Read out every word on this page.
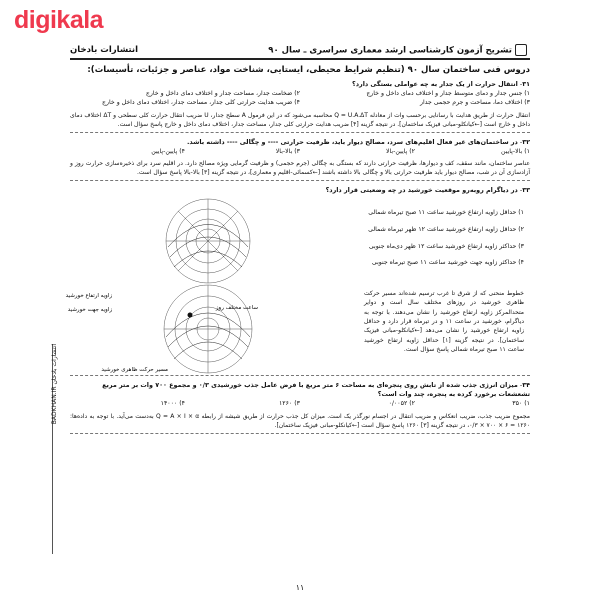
digikala
تشریح آزمون کارشناسی ارشد معماری سراسری ـ سال ۹۰
انتشارات بادخان
دروس فنی ساختمان سال ۹۰ (تنظیم شرایط محیطی، ایستایی، شناخت مواد، عناصر و جزئیات، تأسیسات):
۳۱- انتقال حرارت از یک جدار به چه عواملی بستگی دارد؟
۱) جنس جدار و دمای متوسط جدار و اختلاف دمای داخل و خارج
۲) ضخامت جدار، مساحت جدار و اختلاف دمای داخل و خارج
۳) اختلاف دما، مساحت و جرم حجمی جدار
۴) ضریب هدایت حرارتی کلی جدار، مساحت جدار، اختلاف دمای داخل و خارج
انتقال حرارت از طریق هدایت با رسانایی برحسب وات از معادله Q = U.A.ΔT محاسبه می‌شود که در این فرمول A سطح جدار، U ضریب انتقال حرارت کلی سطحی و ΔT اختلاف دمای داخل و خارج است [←کیانکلو-مبانی فیزیک ساختمان]. در نتیجه گزینه [۴] ضریب هدایت حرارتی کلی جدار، مساحت جدار، اختلاف دمای داخل و خارج پاسخ سؤال است.
۳۲- در ساختمان‌های غیر فعال اقلیم‌های سرد، مصالح دیوار باید، ظرفیت حرارتی ---- و چگالی ---- داشته باشد.
۱) بالا-پایین
۲) پایین-بالا
۳) بالا-بالا
۴) پایین-پایین
عناصر ساختمان، مانند سقف، کف و دیوارها، ظرفیت حرارتی دارند که بستگی به چگالی (جرم حجمی) و ظرفیت گرمایی ویژه مصالح دارد. در اقلیم سرد برای ذخیره‌سازی حرارت روز و آزادسازی آن در شب، مصالح دیوار باید ظرفیت حرارتی بالا و چگالی بالا داشته باشند [←کسمائی-اقلیم و معماری]، در نتیجه گزینه [۳] بالا-بالا پاسخ سؤال است.
۳۳- در دیاگرام روبه‌رو موقعیت خورشید در چه وضعیتی قرار دارد؟
۱) حداقل زاویه ارتفاع خورشید ساعت ۱۱ صبح تیرماه شمالی
۲) حداقل زاویه ارتفاع خورشید ساعت ۱۲ ظهر تیرماه شمالی
۳) حداکثر زاویه ارتفاع خورشید ساعت ۱۲ ظهر دی‌ماه جنوبی
۴) حداکثر زاویه جهت خورشید ساعت ۱۱ صبح تیرماه جنوبی
زاویه ارتفاع خورشید
زاویه جهت خورشید	ساعت مختلف روز
مسیر حرکت ظاهری خورشید
خطوط منحنی که از شرق تا غرب ترسیم شده‌اند مسیر حرکت ظاهری خورشید در روزهای مختلف سال است و دوایر متحدالمرکز زاویه ارتفاع خورشید را نشان می‌دهند. با توجه به دیاگرام، خورشید در ساعت ۱۱ و در تیرماه قرار دارد و حداقل زاویه ارتفاع خورشید را نشان می‌دهد [←کیانکلو-مبانی فیزیک ساختمان]. در نتیجه گزینه [۱] حداقل زاویه ارتفاع خورشید ساعت ۱۱ صبح تیرماه شمالی پاسخ سؤال است.
۳۴- میزان انرژی جذب شده از تابش روی پنجره‌ای به مساحت ۶ متر مربع با فرض عامل جذب خورشیدی ۰/۳ و مجموع ۷۰۰ وات بر متر مربع تشعشعات برخورد کرده به پنجره، چند وات است؟
۱) ۳۵۰
۲) ۰/۰۰۵۲
۳) ۱۲۶۰
۴) ۱۴۰۰۰
مجموع ضریب جذب، ضریب انعکاس و ضریب انتقال در اجسام نورگذر یک است. میزان کل جذب حرارت از طریق شیشه از رابطه Q = A × I × α به‌دست می‌آید. با توجه به داده‌ها: ۱۲۶۰ = ۶ × ۷۰۰ × ۰/۳، در نتیجه گزینه [۳] ۱۲۶۰ پاسخ سؤال است [←کیانکلو-مبانی فیزیک ساختمان].
انتشارات بادخان BADKHAN.IR
۱۱
